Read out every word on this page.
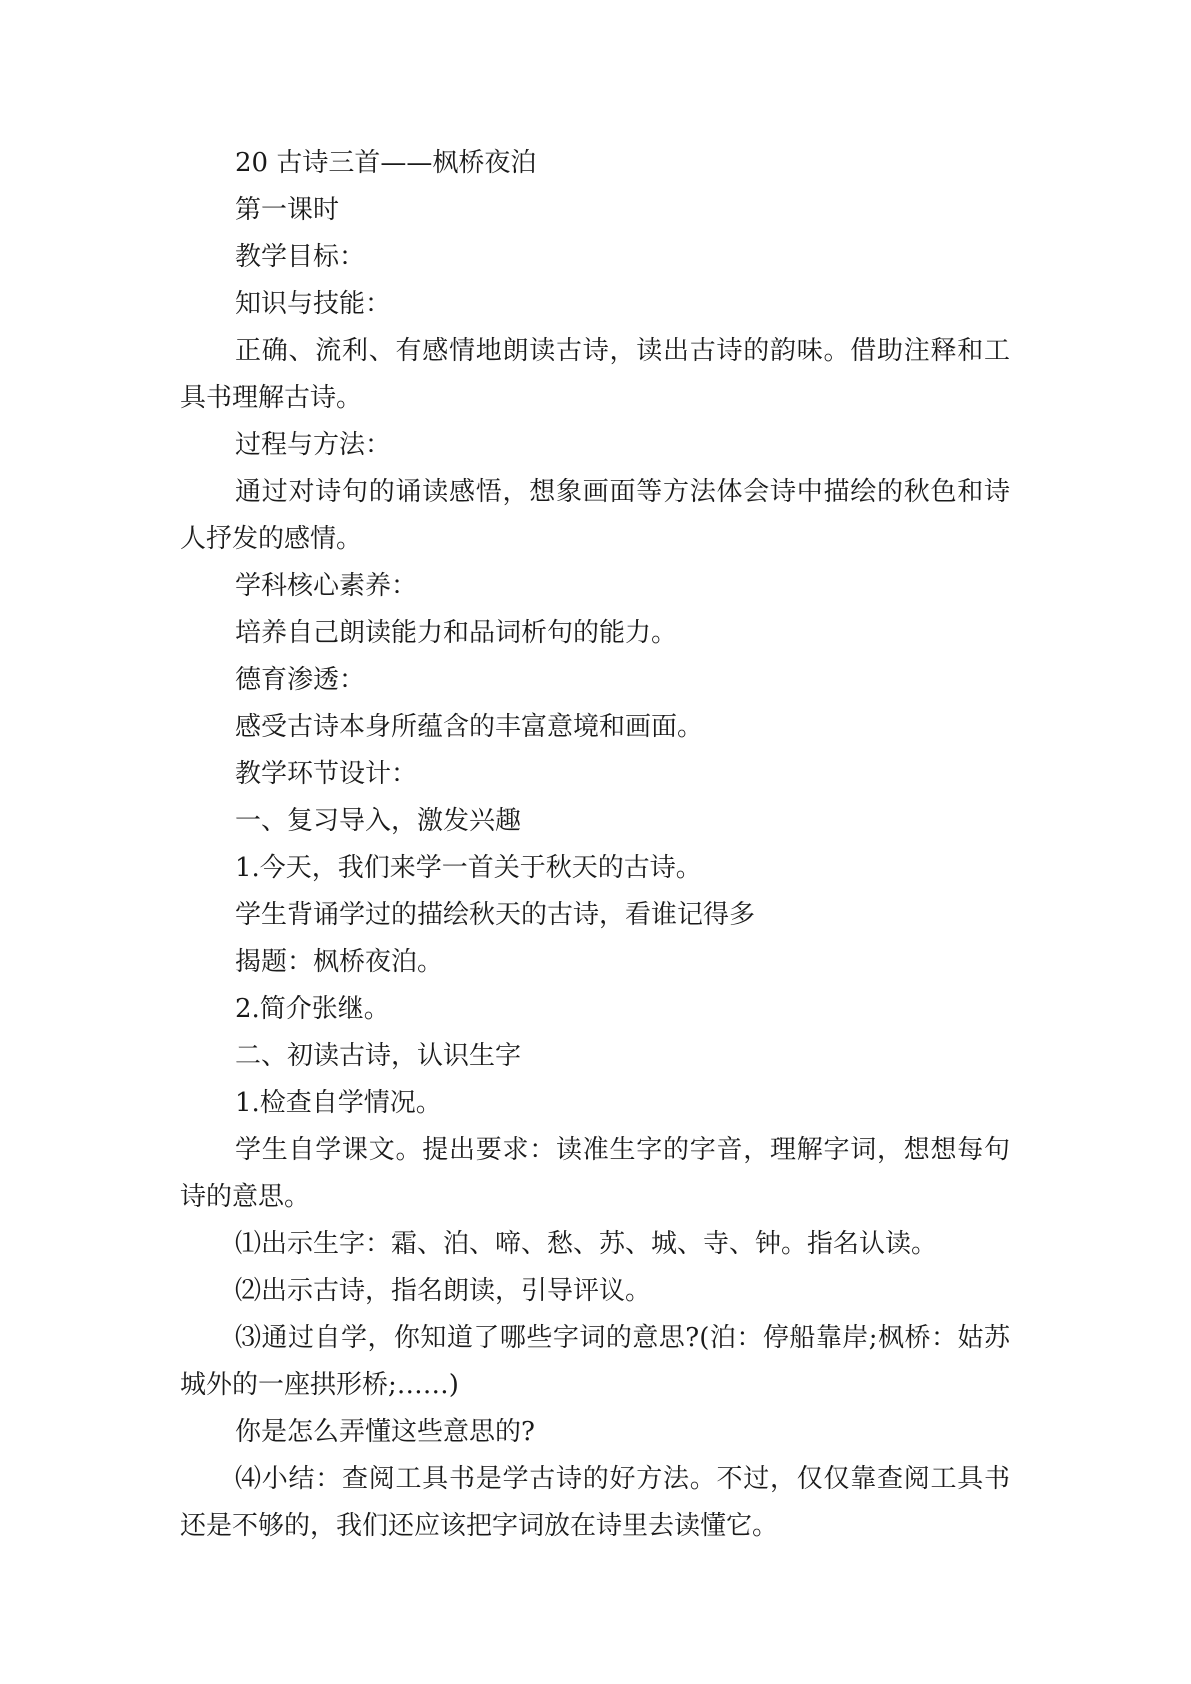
20 古诗三首——枫桥夜泊

第一课时

教学目标：

知识与技能：

正确、流利、有感情地朗读古诗，读出古诗的韵味。借助注释和工具书理解古诗。

过程与方法：

通过对诗句的诵读感悟，想象画面等方法体会诗中描绘的秋色和诗人抒发的感情。

学科核心素养：

培养自己朗读能力和品词析句的能力。

德育渗透：

感受古诗本身所蕴含的丰富意境和画面。

教学环节设计：

一、复习导入，激发兴趣

1.今天，我们来学一首关于秋天的古诗。

学生背诵学过的描绘秋天的古诗，看谁记得多

揭题：枫桥夜泊。

2.简介张继。

二、初读古诗，认识生字

1.检查自学情况。

学生自学课文。提出要求：读准生字的字音，理解字词，想想每句诗的意思。

⑴出示生字：霜、泊、啼、愁、苏、城、寺、钟。指名认读。

⑵出示古诗，指名朗读，引导评议。

⑶通过自学，你知道了哪些字词的意思?(泊：停船靠岸;枫桥：姑苏城外的一座拱形桥;……)

你是怎么弄懂这些意思的?

⑷小结：查阅工具书是学古诗的好方法。不过，仅仅靠查阅工具书还是不够的，我们还应该把字词放在诗里去读懂它。
